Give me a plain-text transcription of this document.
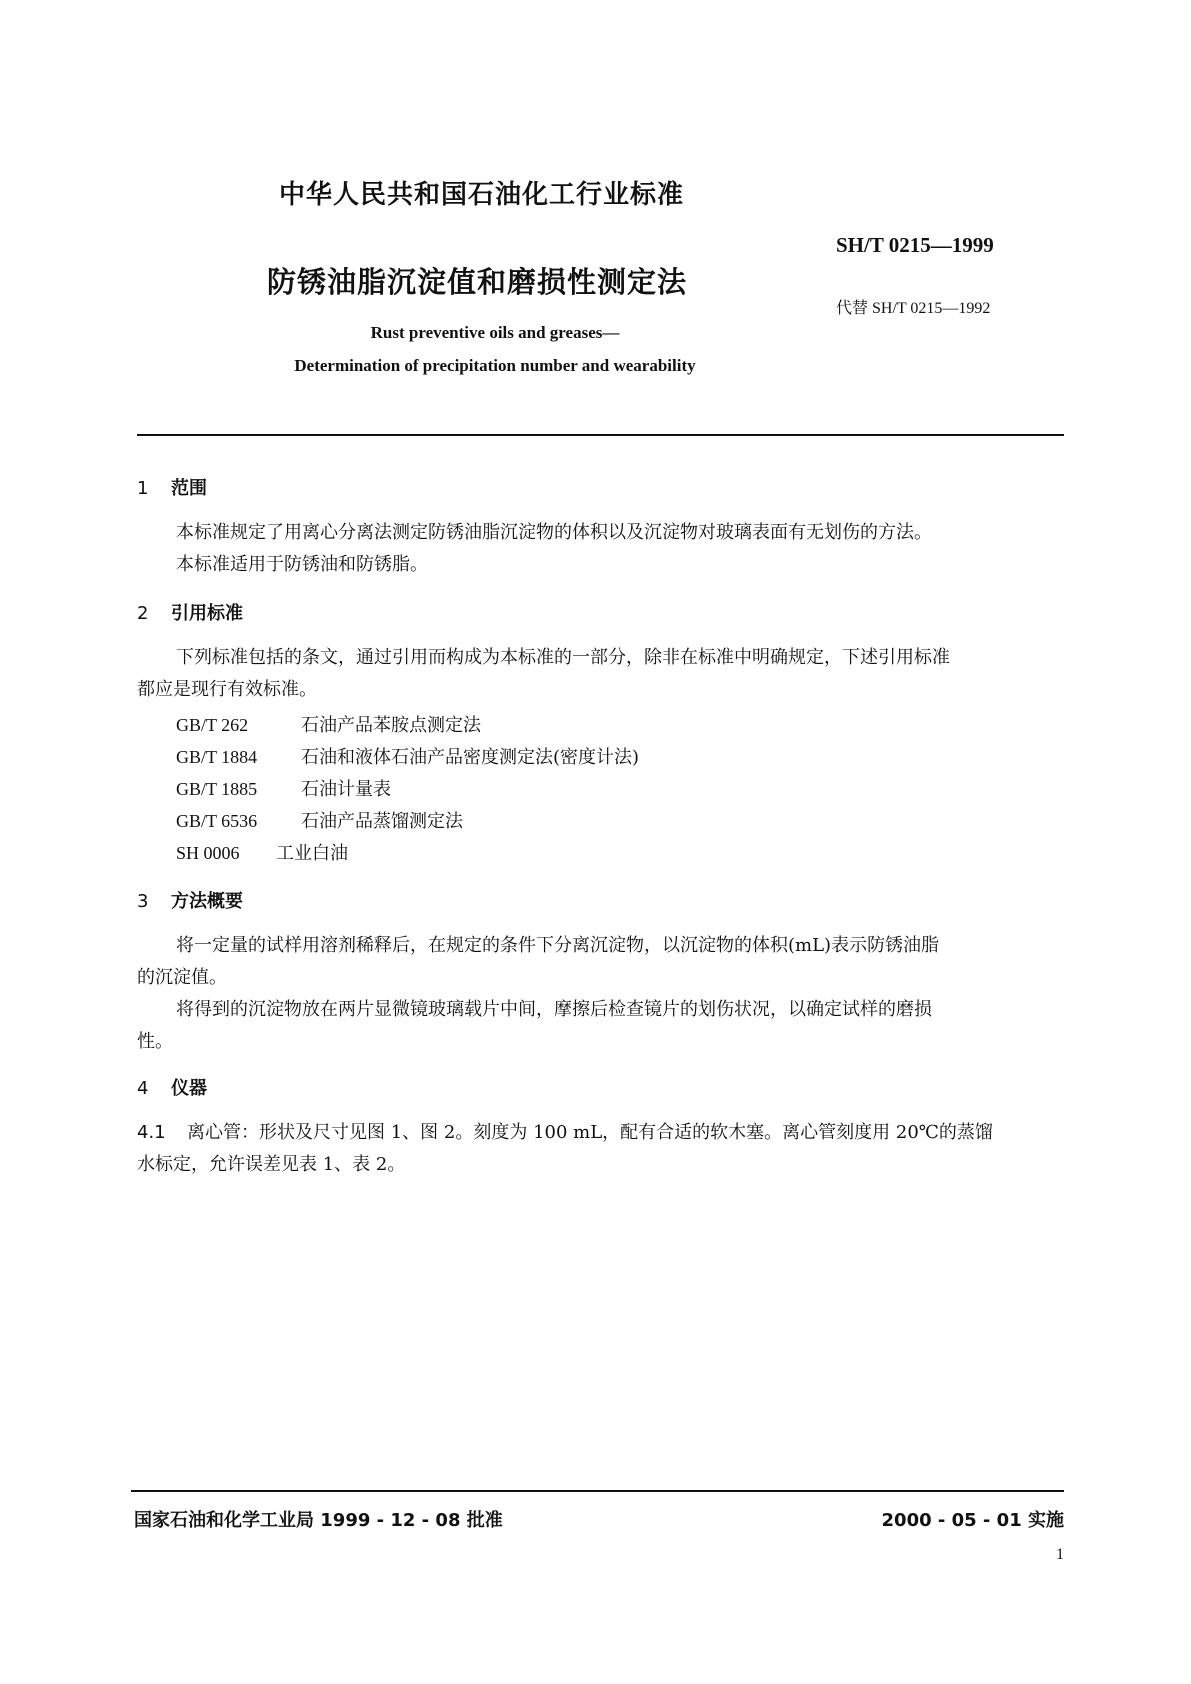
中华人民共和国石油化工行业标准
SH/T 0215—1999
防锈油脂沉淀值和磨损性测定法
代替 SH/T 0215—1992
Rust preventive oils and greases—
Determination of precipitation number and wearability
1 范围
本标准规定了用离心分离法测定防锈油脂沉淀物的体积以及沉淀物对玻璃表面有无划伤的方法。
本标准适用于防锈油和防锈脂。
2 引用标准
下列标准包括的条文，通过引用而构成为本标准的一部分，除非在标准中明确规定，下述引用标准
都应是现行有效标准。
GB/T 262	石油产品苯胺点测定法
GB/T 1884 石油和液体石油产品密度测定法(密度计法)
GB/T 1885 石油计量表
GB/T 6536 石油产品蒸馏测定法
SH 0006 工业白油
3 方法概要
将一定量的试样用溶剂稀释后，在规定的条件下分离沉淀物，以沉淀物的体积(mL)表示防锈油脂
的沉淀值。
将得到的沉淀物放在两片显微镜玻璃载片中间，摩擦后检查镜片的划伤状况，以确定试样的磨损
性。
4 仪器
4.1 离心管：形状及尺寸见图 1、图 2。刻度为 100 mL，配有合适的软木塞。离心管刻度用 20℃的蒸馏
水标定，允许误差见表 1、表 2。
国家石油和化学工业局 1999 - 12 - 08 批准	2000 - 05 - 01 实施
1
